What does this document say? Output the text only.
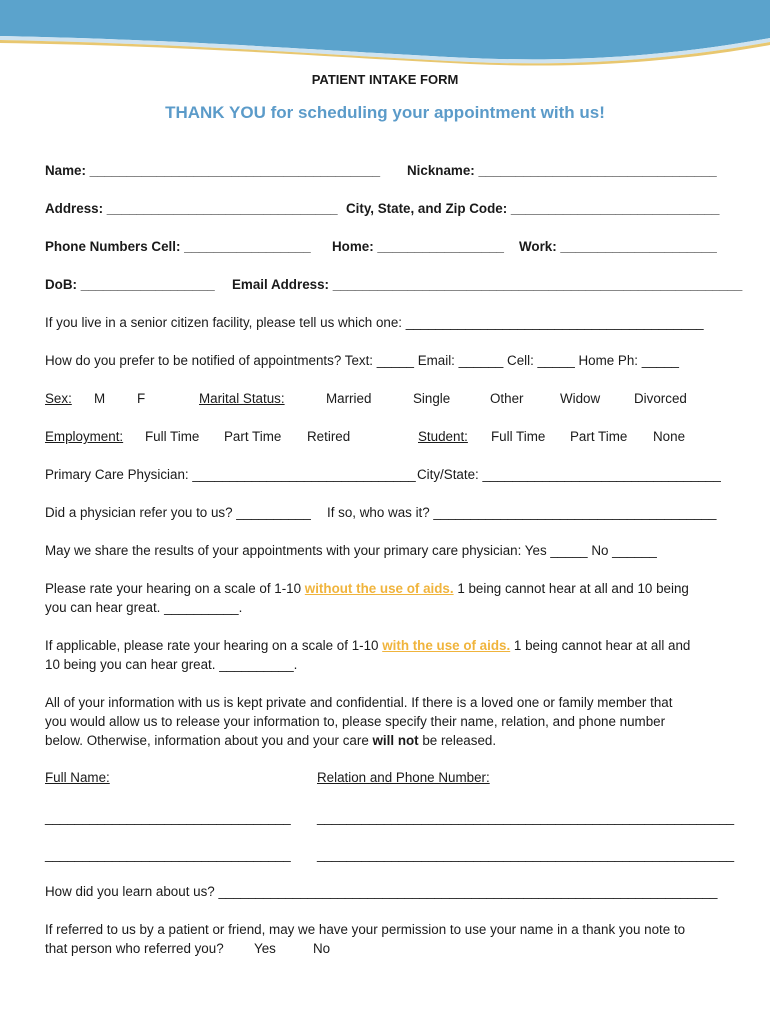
PATIENT INTAKE FORM
THANK YOU for scheduling your appointment with us!
Name: _______________________________________ Nickname: ________________________________
Address: _______________________________ City, State, and Zip Code: ____________________________
Phone Numbers Cell: _________________ Home: _________________ Work: _____________________
DoB: __________________ Email Address: _______________________________________________________
If you live in a senior citizen facility, please tell us which one: ________________________________________
How do you prefer to be notified of appointments? Text: _____ Email: ______ Cell: _____ Home Ph: _____
Sex: M F	Marital Status:	Married	Single	Other	Widow	Divorced
Employment: Full Time Part Time Retired	Student: Full Time Part Time None
Primary Care Physician: ______________________________ City/State: ________________________________
Did a physician refer you to us? __________ If so, who was it? ______________________________________
May we share the results of your appointments with your primary care physician: Yes _____ No ______
Please rate your hearing on a scale of 1-10 without the use of aids. 1 being cannot hear at all and 10 being
you can hear great. __________.
If applicable, please rate your hearing on a scale of 1-10 with the use of aids. 1 being cannot hear at all and
10 being you can hear great. __________.
All of your information with us is kept private and confidential. If there is a loved one or family member that
you would allow us to release your information to, please specify their name, relation, and phone number
below. Otherwise, information about you and your care will not be released.
Full Name:	Relation and Phone Number:
_________________________________ ________________________________________________________
_________________________________ ________________________________________________________
How did you learn about us? ___________________________________________________________________
If referred to us by a patient or friend, may we have your permission to use your name in a thank you note to
that person who referred you? Yes	No
